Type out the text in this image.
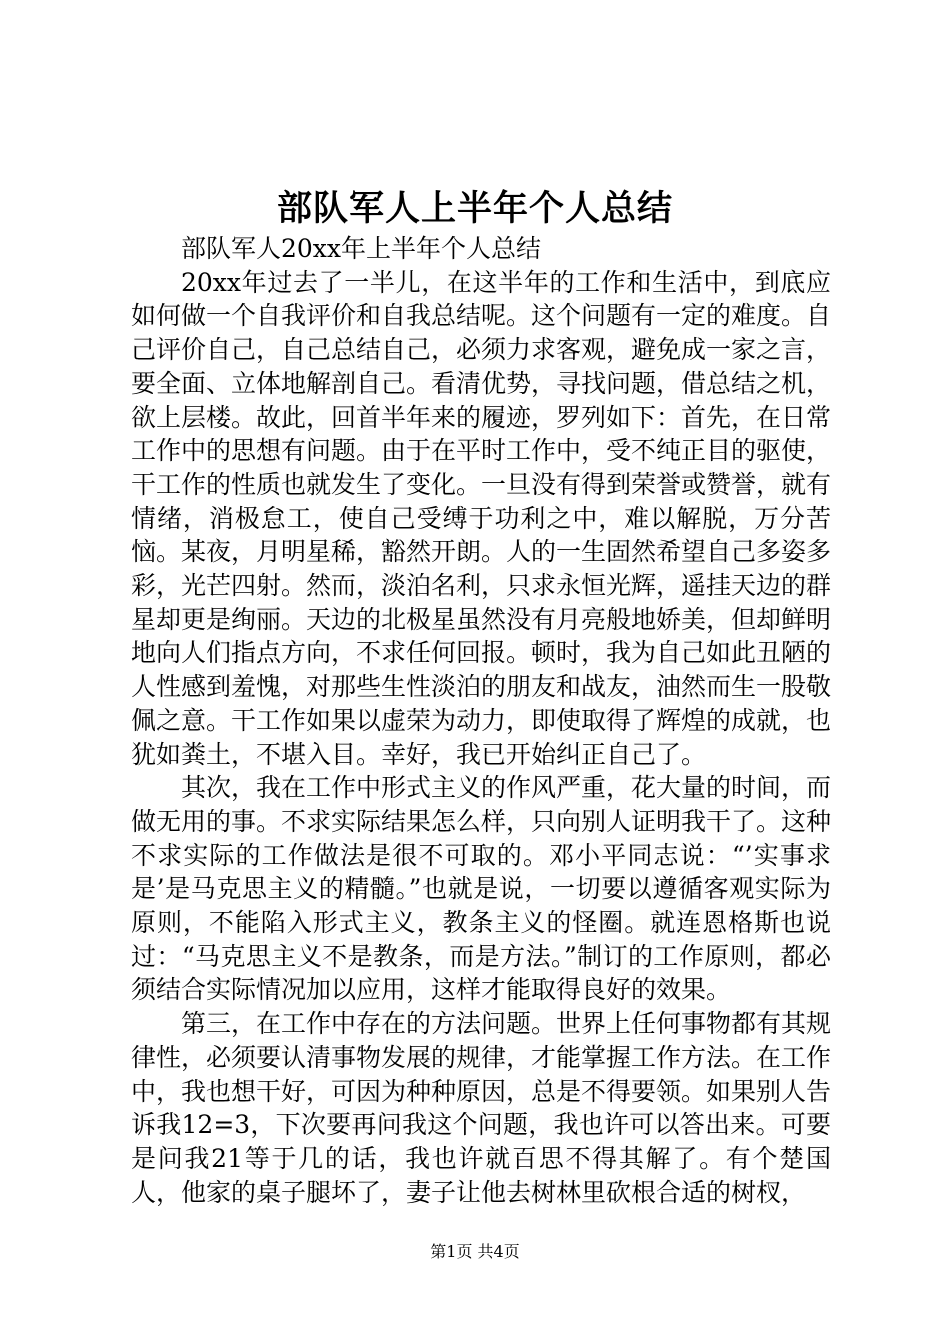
部队军人上半年个人总结

部队军人20xx年上半年个人总结

20xx年过去了一半儿，在这半年的工作和生活中，到底应如何做一个自我评价和自我总结呢。这个问题有一定的难度。自己评价自己，自己总结自己，必须力求客观，避免成一家之言，要全面、立体地解剖自己。看清优势，寻找问题，借总结之机，欲上层楼。故此，回首半年来的履迹，罗列如下：首先，在日常工作中的思想有问题。由于在平时工作中，受不纯正目的驱使，干工作的性质也就发生了变化。一旦没有得到荣誉或赞誉，就有情绪，消极怠工，使自己受缚于功利之中，难以解脱，万分苦恼。某夜，月明星稀，豁然开朗。人的一生固然希望自己多姿多彩，光芒四射。然而，淡泊名利，只求永恒光辉，遥挂天边的群星却更是绚丽。天边的北极星虽然没有月亮般地娇美，但却鲜明地向人们指点方向，不求任何回报。顿时，我为自己如此丑陋的人性感到羞愧，对那些生性淡泊的朋友和战友，油然而生一股敬佩之意。干工作如果以虚荣为动力，即使取得了辉煌的成就，也犹如粪土，不堪入目。幸好，我已开始纠正自己了。

其次，我在工作中形式主义的作风严重，花大量的时间，而做无用的事。不求实际结果怎么样，只向别人证明我干了。这种不求实际的工作做法是很不可取的。邓小平同志说：“’实事求是’是马克思主义的精髓。”也就是说，一切要以遵循客观实际为原则，不能陷入形式主义，教条主义的怪圈。就连恩格斯也说过：“马克思主义不是教条，而是方法。”制订的工作原则，都必须结合实际情况加以应用，这样才能取得良好的效果。

第三，在工作中存在的方法问题。世界上任何事物都有其规律性，必须要认清事物发展的规律，才能掌握工作方法。在工作中，我也想干好，可因为种种原因，总是不得要领。如果别人告诉我12=3，下次要再问我这个问题，我也许可以答出来。可要是问我21等于几的话，我也许就百思不得其解了。有个楚国人，他家的桌子腿坏了，妻子让他去树林里砍根合适的树杈，

第1页 共4页
